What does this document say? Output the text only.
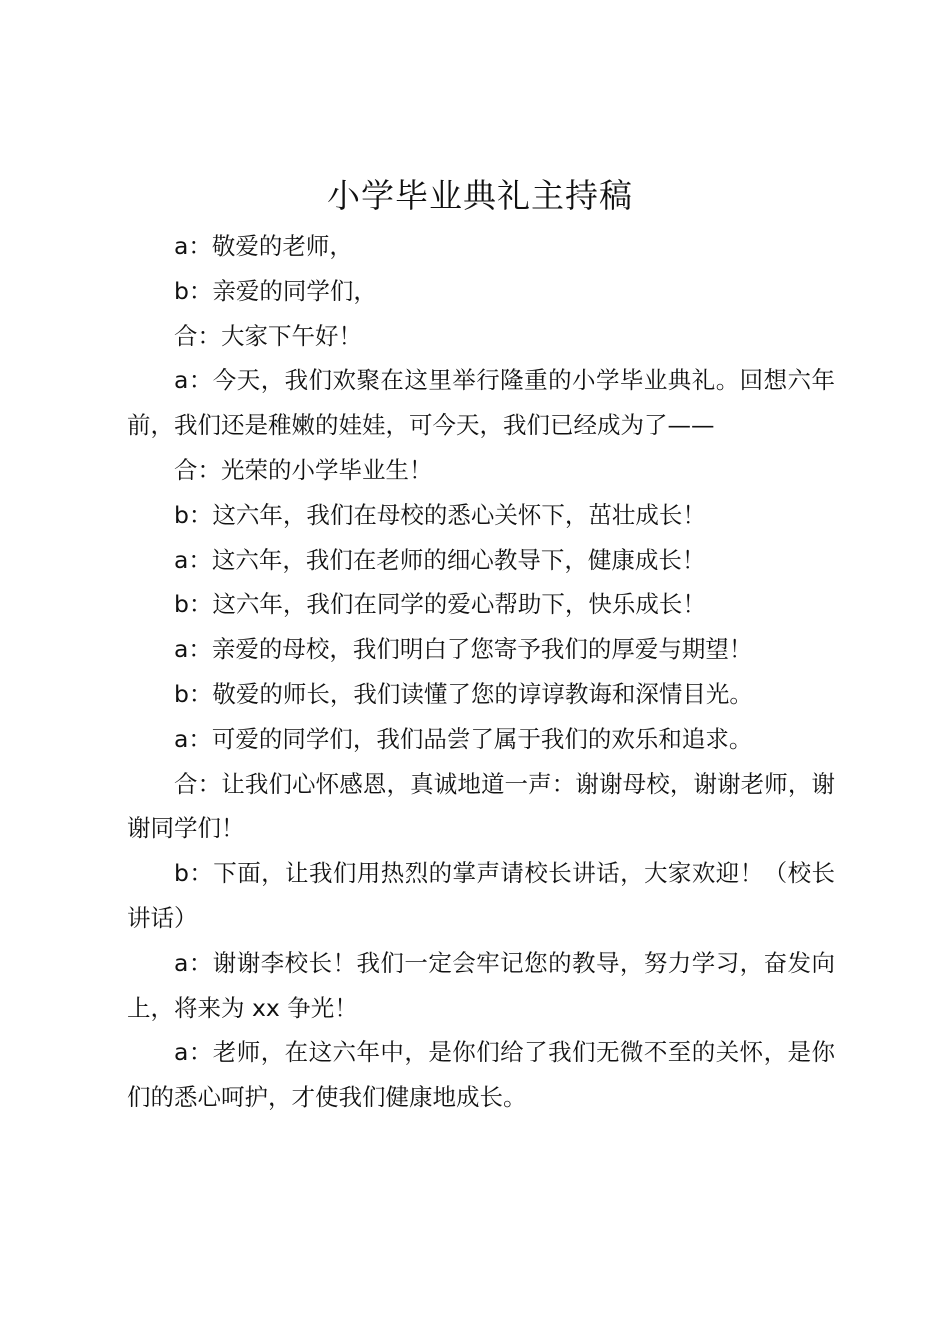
小学毕业典礼主持稿

a：敬爱的老师，

b：亲爱的同学们，

合：大家下午好！

a：今天，我们欢聚在这里举行隆重的小学毕业典礼。回想六年前，我们还是稚嫩的娃娃，可今天，我们已经成为了——

合：光荣的小学毕业生！

b：这六年，我们在母校的悉心关怀下，茁壮成长！

a：这六年，我们在老师的细心教导下，健康成长！

b：这六年，我们在同学的爱心帮助下，快乐成长！

a：亲爱的母校，我们明白了您寄予我们的厚爱与期望！

b：敬爱的师长，我们读懂了您的谆谆教诲和深情目光。

a：可爱的同学们，我们品尝了属于我们的欢乐和追求。

合：让我们心怀感恩，真诚地道一声：谢谢母校，谢谢老师，谢谢同学们！

b：下面，让我们用热烈的掌声请校长讲话，大家欢迎！（校长讲话）

a：谢谢李校长！我们一定会牢记您的教导，努力学习，奋发向上，将来为 xx 争光！

a：老师，在这六年中，是你们给了我们无微不至的关怀，是你们的悉心呵护，才使我们健康地成长。
